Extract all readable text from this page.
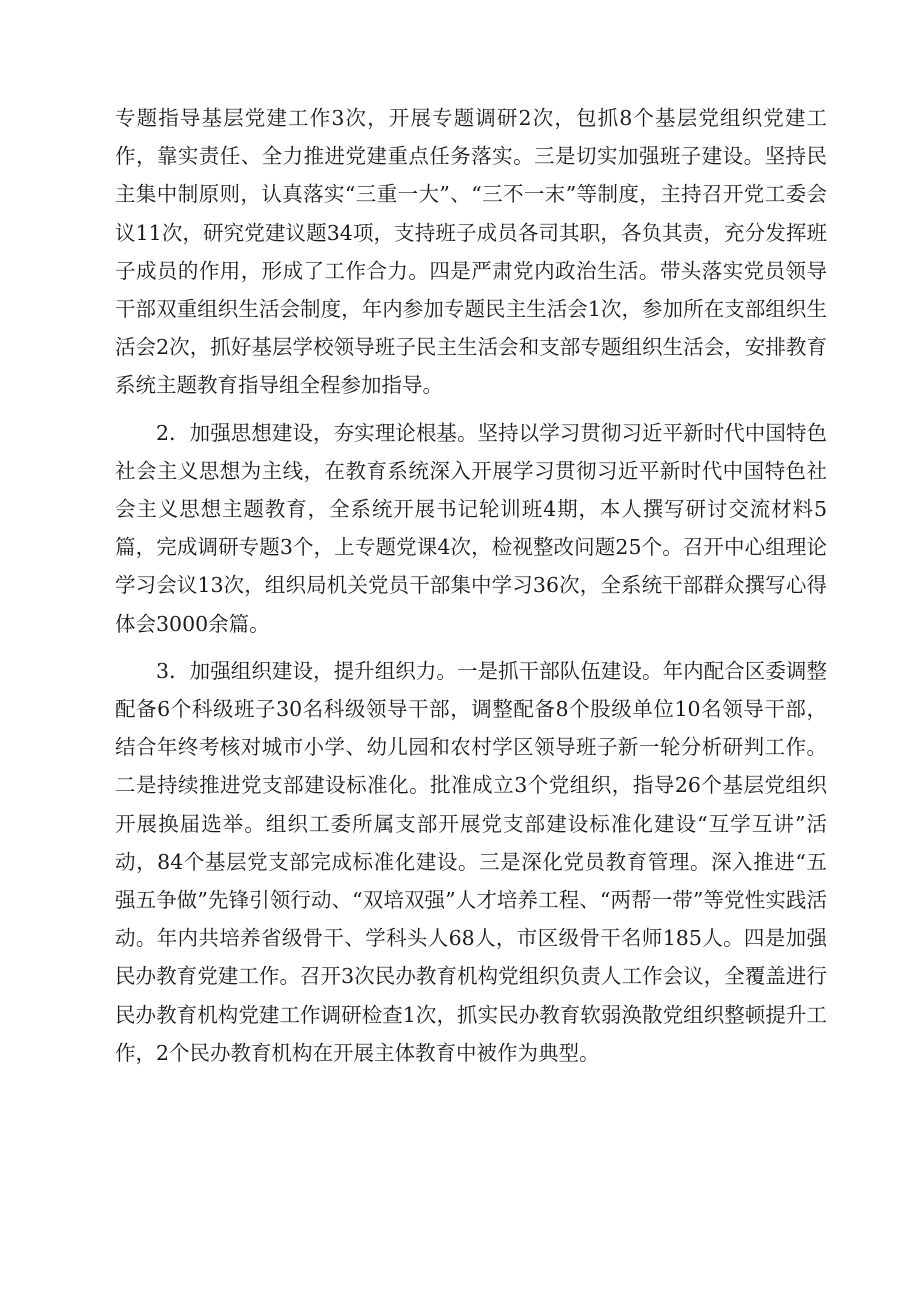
专题指导基层党建工作3次，开展专题调研2次，包抓8个基层党组织党建工作，靠实责任、全力推进党建重点任务落实。三是切实加强班子建设。坚持民主集中制原则，认真落实“三重一大”、“三不一末”等制度，主持召开党工委会议11次，研究党建议题34项，支持班子成员各司其职，各负其责，充分发挥班子成员的作用，形成了工作合力。四是严肃党内政治生活。带头落实党员领导干部双重组织生活会制度，年内参加专题民主生活会1次，参加所在支部组织生活会2次，抓好基层学校领导班子民主生活会和支部专题组织生活会，安排教育系统主题教育指导组全程参加指导。

2．加强思想建设，夯实理论根基。坚持以学习贯彻习近平新时代中国特色社会主义思想为主线，在教育系统深入开展学习贯彻习近平新时代中国特色社会主义思想主题教育，全系统开展书记轮训班4期，本人撰写研讨交流材料5篇，完成调研专题3个，上专题党课4次，检视整改问题25个。召开中心组理论学习会议13次，组织局机关党员干部集中学习36次，全系统干部群众撰写心得体会3000余篇。

3．加强组织建设，提升组织力。一是抓干部队伍建设。年内配合区委调整配备6个科级班子30名科级领导干部，调整配备8个股级单位10名领导干部，结合年终考核对城市小学、幼儿园和农村学区领导班子新一轮分析研判工作。二是持续推进党支部建设标准化。批准成立3个党组织，指导26个基层党组织开展换届选举。组织工委所属支部开展党支部建设标准化建设“互学互讲”活动，84个基层党支部完成标准化建设。三是深化党员教育管理。深入推进“五强五争做”先锋引领行动、“双培双强”人才培养工程、“两帮一带”等党性实践活动。年内共培养省级骨干、学科头人68人，市区级骨干名师185人。四是加强民办教育党建工作。召开3次民办教育机构党组织负责人工作会议，全覆盖进行民办教育机构党建工作调研检查1次，抓实民办教育软弱涣散党组织整顿提升工作，2个民办教育机构在开展主体教育中被作为典型。
